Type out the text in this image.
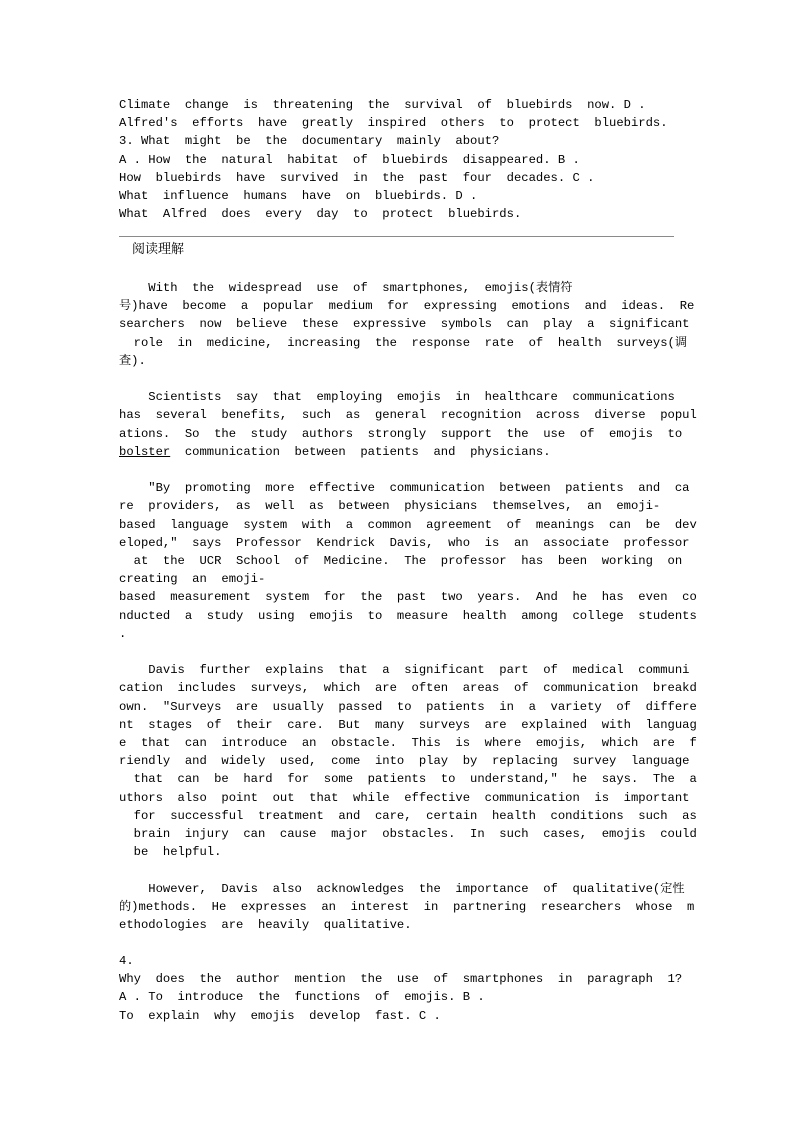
Climate  change  is  threatening  the  survival  of  bluebirds  now. D .
Alfred's  efforts  have  greatly  inspired  others  to  protect  bluebirds.
3. What  might  be  the  documentary  mainly  about?
A . How  the  natural  habitat  of  bluebirds  disappeared. B .
How  bluebirds  have  survived  in  the  past  four  decades. C .
What  influence  humans  have  on  bluebirds. D .
What  Alfred  does  every  day  to  protect  bluebirds.
阅读理解
With  the  widespread  use  of  smartphones,  emojis(表情符
号)have  become  a  popular  medium  for  expressing  emotions  and  ideas.  Re
searchers  now  believe  these  expressive  symbols  can  play  a  significant
role  in  medicine,  increasing  the  response  rate  of  health  surveys(调
查).
Scientists  say  that  employing  emojis  in  healthcare  communications
has  several  benefits,  such  as  general  recognition  across  diverse  popul
ations.  So  the  study  authors  strongly  support  the  use  of  emojis  to
bolster  communication  between  patients  and  physicians.
"By  promoting  more  effective  communication  between  patients  and  ca
re  providers,  as  well  as  between  physicians  themselves,  an  emoji-
based  language  system  with  a  common  agreement  of  meanings  can  be  dev
eloped,"  says  Professor  Kendrick  Davis,  who  is  an  associate  professor
at  the  UCR  School  of  Medicine.  The  professor  has  been  working  on
creating  an  emoji-
based  measurement  system  for  the  past  two  years.  And  he  has  even  co
nducted  a  study  using  emojis  to  measure  health  among  college  students
.
Davis  further  explains  that  a  significant  part  of  medical  communi
cation  includes  surveys,  which  are  often  areas  of  communication  breakd
own.  "Surveys  are  usually  passed  to  patients  in  a  variety  of  differe
nt  stages  of  their  care.  But  many  surveys  are  explained  with  languag
e  that  can  introduce  an  obstacle.  This  is  where  emojis,  which  are  f
riendly  and  widely  used,  come  into  play  by  replacing  survey  language
that  can  be  hard  for  some  patients  to  understand,"  he  says.  The  a
uthors  also  point  out  that  while  effective  communication  is  important
for  successful  treatment  and  care,  certain  health  conditions  such  as
brain  injury  can  cause  major  obstacles.  In  such  cases,  emojis  could
be  helpful.
However,  Davis  also  acknowledges  the  importance  of  qualitative(定性
的)methods.  He  expresses  an  interest  in  partnering  researchers  whose  m
ethodologies  are  heavily  qualitative.
4.
Why  does  the  author  mention  the  use  of  smartphones  in  paragraph  1?
A . To  introduce  the  functions  of  emojis. B .
To  explain  why  emojis  develop  fast. C .
